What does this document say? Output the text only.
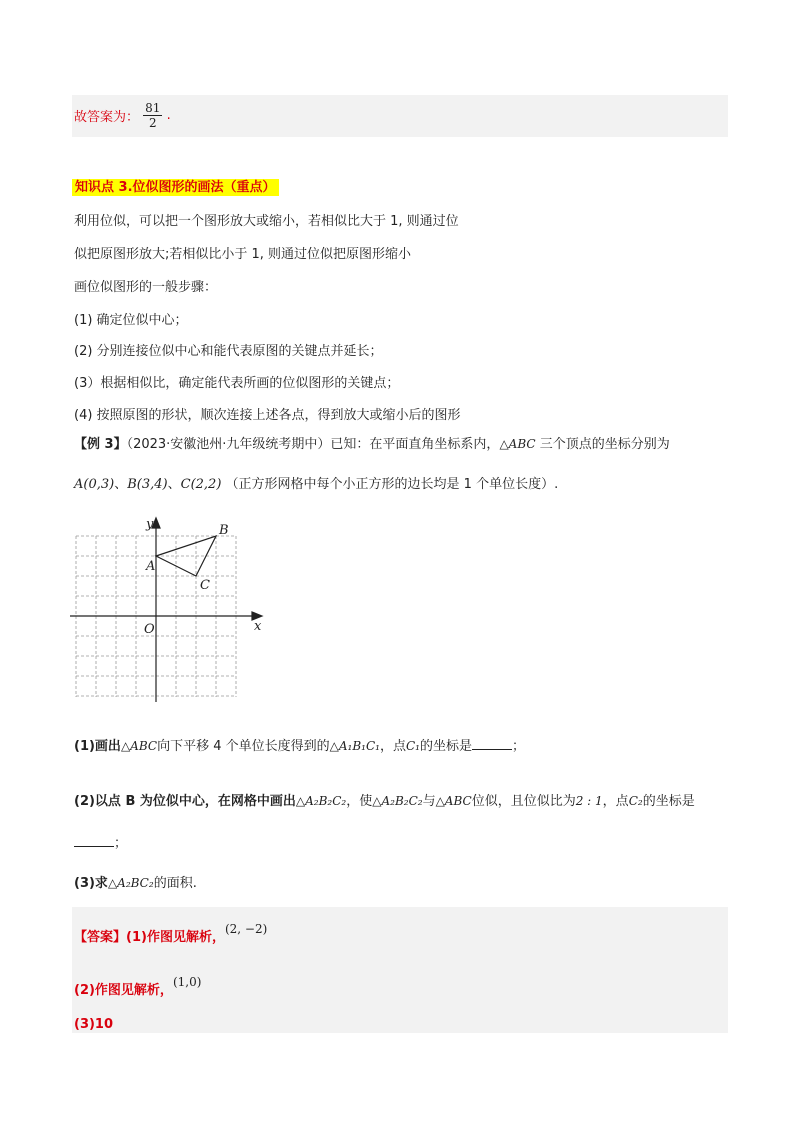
故答案为： $\frac{81}{2}$ .
知识点 3.位似图形的画法（重点）
利用位似，可以把一个图形放大或缩小，若相似比大于 1, 则通过位
似把原图形放大;若相似比小于 1, 则通过位似把原图形缩小
画位似图形的一般步骤：
(1) 确定位似中心；
(2) 分别连接位似中心和能代表原图的关键点并延长；
(3）根据相似比，确定能代表所画的位似图形的关键点；
(4) 按照原图的形状，顺次连接上述各点，得到放大或缩小后的图形
【例 3】（2023·安徽池州·九年级统考期中）已知：在平面直角坐标系内，△ABC 三个顶点的坐标分别为
A(0,3)、B(3,4)、C(2,2) （正方形网格中每个小正方形的边长均是 1 个单位长度）.
y
x
O
A
B
C
(1)画出△ABC向下平移 4 个单位长度得到的△A₁B₁C₁，点C₁的坐标是	；
(2)以点 B 为位似中心，在网格中画出△A₂B₂C₂，使△A₂B₂C₂与△ABC位似，且位似比为2 : 1，点C₂的坐标是
；
(3)求△A₂BC₂的面积.
【答案】(1)作图见解析，(2, −2)
(2)作图见解析，(1,0)
(3)10
